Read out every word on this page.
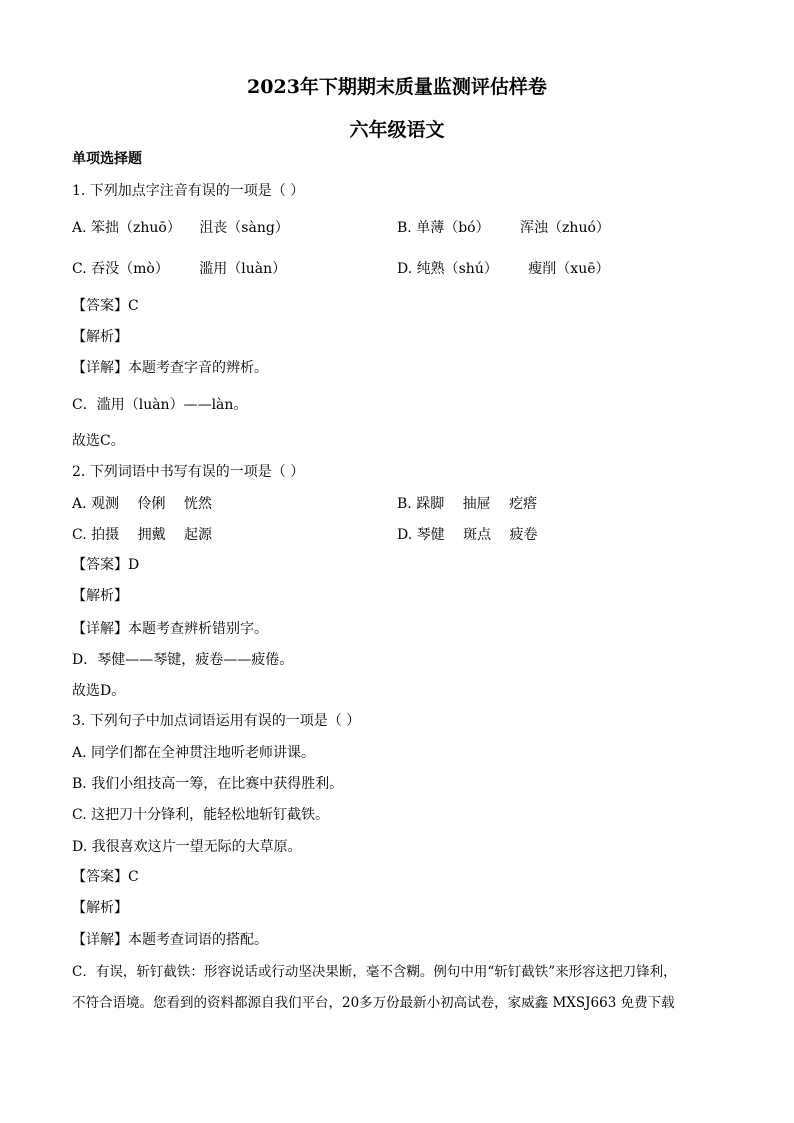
2023年下期期末质量监测评估样卷
六年级语文
单项选择题
1. 下列加点字注音有误的一项是（ ）
A. 笨拙（zhuō） 沮丧（sàng）	B. 单薄（bó） 浑浊（zhuó）
C. 吞没（mò） 滥用（luàn）	D. 纯熟（shú） 瘦削（xuē）
【答案】C
【解析】
【详解】本题考查字音的辨析。
C．滥用（luàn）——làn。
故选C。
2. 下列词语中书写有误的一项是（ ）
A. 观测 伶俐 恍然	B. 跺脚 抽屉 疙瘩
C. 拍摄 拥戴 起源	D. 琴健 斑点 疲卷
【答案】D
【解析】
【详解】本题考查辨析错别字。
D．琴健——琴键，疲卷——疲倦。
故选D。
3. 下列句子中加点词语运用有误的一项是（ ）
A. 同学们都在全神贯注地听老师讲课。
B. 我们小组技高一筹，在比赛中获得胜利。
C. 这把刀十分锋利，能轻松地斩钉截铁。
D. 我很喜欢这片一望无际的大草原。
【答案】C
【解析】
【详解】本题考查词语的搭配。
C．有误，斩钉截铁：形容说话或行动坚决果断，毫不含糊。例句中用“斩钉截铁”来形容这把刀锋利，
不符合语境。您看到的资料都源自我们平台，20多万份最新小初高试卷，家威鑫 MXSJ663 免费下载
